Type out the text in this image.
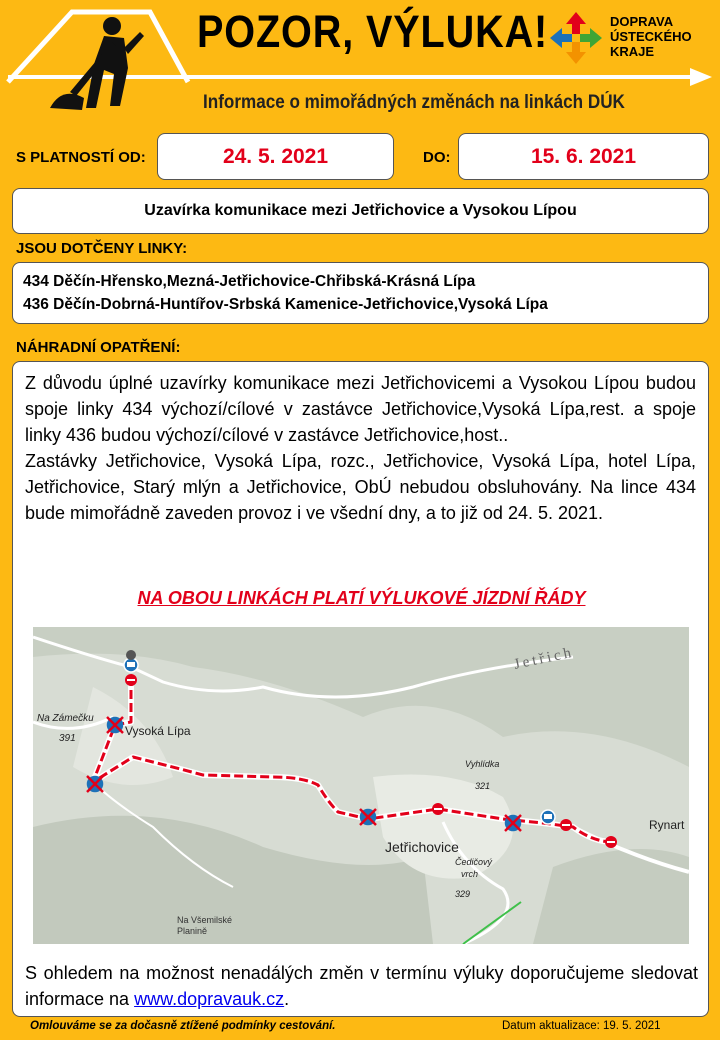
POZOR, VÝLUKA!
Informace o mimořádných změnách na linkách DÚK
DOPRAVA
ÚSTECKÉHO
KRAJE
S PLATNOSTÍ OD:	24. 5. 2021	DO:	15. 6. 2021
Uzavírka komunikace mezi Jetřichovice a Vysokou Lípou
JSOU DOTČENY LINKY:
434 Děčín-Hřensko,Mezná-Jetřichovice-Chřibská-Krásná Lípa
436 Děčín-Dobrná-Huntířov-Srbská Kamenice-Jetřichovice,Vysoká Lípa
NÁHRADNÍ OPATŘENÍ:
Z důvodu úplné uzavírky komunikace mezi Jetřichovicemi a Vysokou Lípou budou spoje linky 434 výchozí/cílové v zastávce Jetřichovice,Vysoká Lípa,rest. a spoje linky 436 budou výchozí/cílové v zastávce Jetřichovice,host..
Zastávky Jetřichovice, Vysoká Lípa, rozc., Jetřichovice, Vysoká Lípa, hotel Lípa, Jetřichovice, Starý mlýn a Jetřichovice, ObÚ nebudou obsluhovány. Na lince 434 bude mimořádně zaveden provoz i ve všední dny, a to již od 24. 5. 2021.
NA OBOU LINKÁCH PLATÍ VÝLUKOVÉ JÍZDNÍ ŘÁDY
Na Zámečku
391
Vysoká Lípa
Jetřichovice
Vyhlídka
321
Čedičový
vrch
329
Na Všemilské
Planině
Rynart
Jetřich
S ohledem na možnost nenadálých změn v termínu výluky doporučujeme sledovat informace na www.dopravauk.cz.
Omlouváme se za dočasně ztížené podmínky cestování.	Datum aktualizace: 19. 5. 2021
